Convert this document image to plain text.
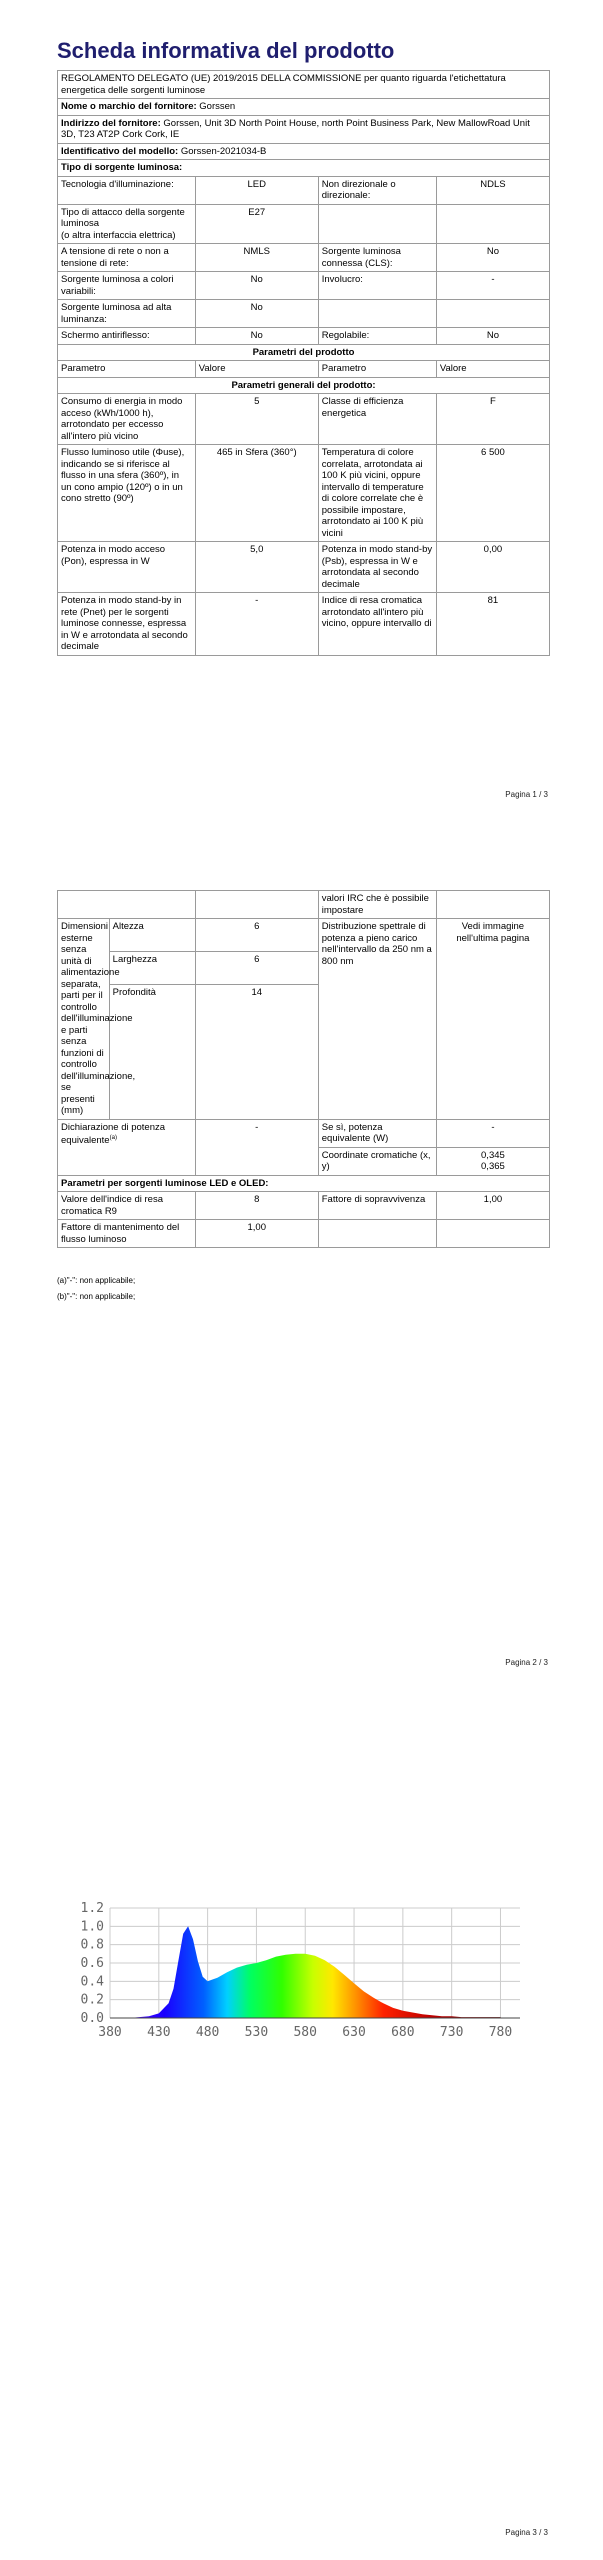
Scheda informativa del prodotto
REGOLAMENTO DELEGATO (UE) 2019/2015 DELLA COMMISSIONE per quanto riguarda l'etichettatura energetica delle sorgenti luminose			
Nome o marchio del fornitore: Gorssen			
Indirizzo del fornitore: Gorssen, Unit 3D North Point House, north Point Business Park, New MallowRoad Unit 3D, T23 AT2P Cork Cork, IE			
Identificativo del modello: Gorssen-2021034-B			
Tipo di sorgente luminosa:			
Tecnologia d'illuminazione:	LED	Non direzionale o direzionale:	NDLS
Tipo di attacco della sorgente luminosa
(o altra interfaccia elettrica)	E27		
A tensione di rete o non a tensione di rete:	NMLS	Sorgente luminosa connessa (CLS):	No
Sorgente luminosa a colori variabili:	No	Involucro:	-
Sorgente luminosa ad alta luminanza:	No		
Schermo antiriflesso:	No	Regolabile:	No
Parametri del prodotto			
Parametro	Valore	Parametro	Valore
Parametri generali del prodotto:			
Consumo di energia in modo acceso (kWh/1000 h), arrotondato per eccesso all'intero più vicino	5	Classe di efficienza energetica	F
Flusso luminoso utile (Φuse), indicando se si riferisce al flusso in una sfera (360º), in un cono ampio (120º) o in un cono stretto (90º)	465 in Sfera (360°)	Temperatura di colore correlata, arrotondata ai 100 K più vicini, oppure intervallo di temperature di colore correlate che è possibile impostare, arrotondato ai 100 K più vicini	6 500
Potenza in modo acceso (Pon), espressa in W	5,0	Potenza in modo stand-by (Psb), espressa in W e arrotondata al secondo decimale	0,00
Potenza in modo stand-by in rete (Pnet) per le sorgenti luminose connesse, espressa in W e arrotondata al secondo decimale	-	Indice di resa cromatica arrotondato all'intero più vicino, oppure intervallo di	81
Pagina 1 / 3
			valori IRC che è possibile impostare	
Dimensioni esterne senza unità di alimentazione separata, parti per il controllo dell'illuminazione e parti senza funzioni di controllo dell'illuminazione, se presenti (mm)	Altezza	6	Distribuzione spettrale di potenza a pieno carico nell'intervallo da 250 nm a 800 nm	Vedi immagine nell'ultima pagina
	Larghezza	6		
	Profondità	14		
Dichiarazione di potenza equivalente$^{(a)}$		-	Se sì, potenza equivalente (W)	-
			Coordinate cromatiche (x, y)	0,345
0,365
Parametri per sorgenti luminose LED e OLED:				
Valore dell'indice di resa cromatica R9		8	Fattore di sopravvivenza	1,00
Fattore di mantenimento del flusso luminoso		1,00		
(a)"-": non applicabile;
(b)"-": non applicabile;
Pagina 2 / 3
0.0
0.2
0.4
0.6
0.8
1.0
1.2
380 430 480 530 580 630 680 730 780
Pagina 3 / 3
